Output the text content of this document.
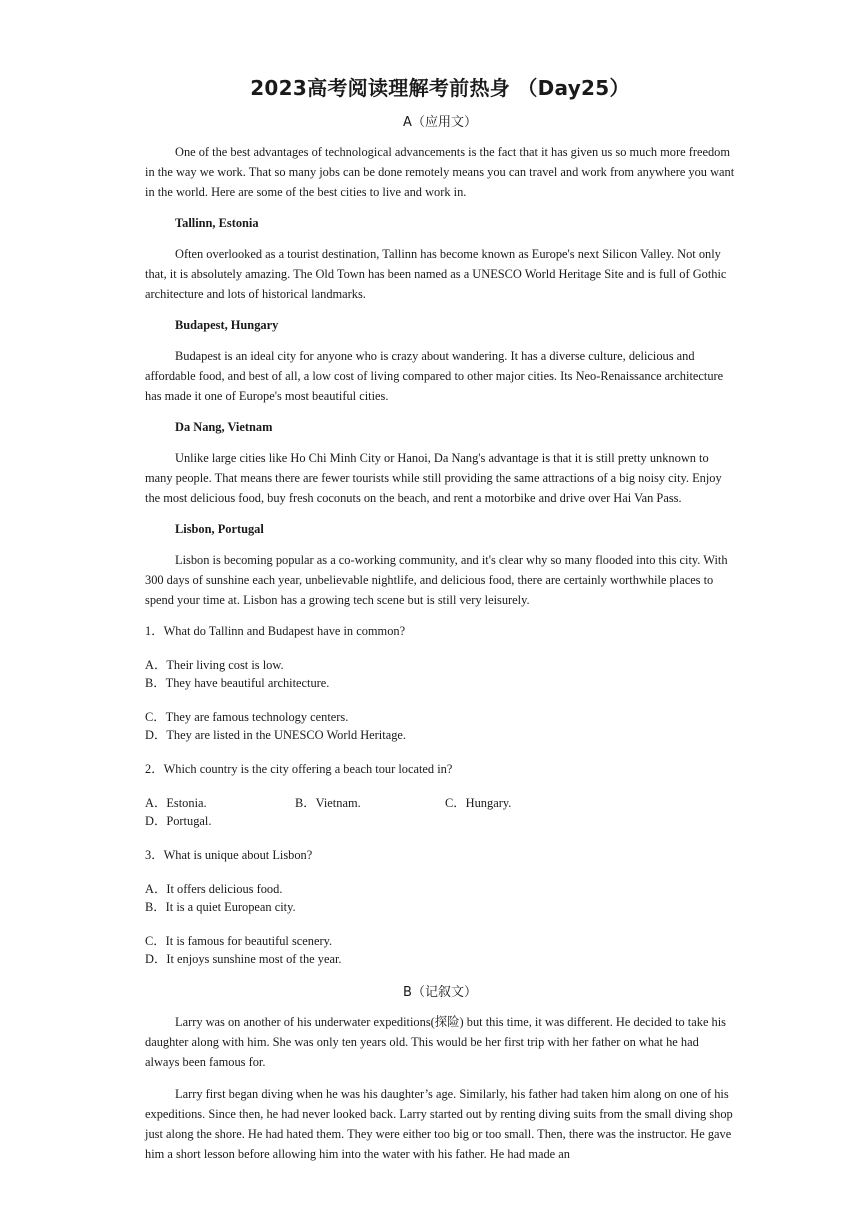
2023高考阅读理解考前热身 （Day25）
A（应用文）

One of the best advantages of technological advancements is the fact that it has given us so much more freedom in the way we work. That so many jobs can be done remotely means you can travel and work from anywhere you want in the world. Here are some of the best cities to live and work in.

Tallinn, Estonia

Often overlooked as a tourist destination, Tallinn has become known as Europe's next Silicon Valley. Not only that, it is absolutely amazing. The Old Town has been named as a UNESCO World Heritage Site and is full of Gothic architecture and lots of historical landmarks.

Budapest, Hungary

Budapest is an ideal city for anyone who is crazy about wandering. It has a diverse culture, delicious and affordable food, and best of all, a low cost of living compared to other major cities. Its Neo-Renaissance architecture has made it one of Europe's most beautiful cities.

Da Nang, Vietnam

Unlike large cities like Ho Chi Minh City or Hanoi, Da Nang's advantage is that it is still pretty unknown to many people. That means there are fewer tourists while still providing the same attractions of a big noisy city. Enjoy the most delicious food, buy fresh coconuts on the beach, and rent a motorbike and drive over Hai Van Pass.

Lisbon, Portugal

Lisbon is becoming popular as a co-working community, and it's clear why so many flooded into this city. With 300 days of sunshine each year, unbelievable nightlife, and delicious food, there are certainly worthwhile places to spend your time at. Lisbon has a growing tech scene but is still very leisurely.

1．What do Tallinn and Budapest have in common?
A．Their living cost is low.
B．They have beautiful architecture.
C．They are famous technology centers.
D．They are listed in the UNESCO World Heritage.
2．Which country is the city offering a beach tour located in?
A．Estonia.	B．Vietnam.	C．Hungary.
D．Portugal.
3．What is unique about Lisbon?
A．It offers delicious food.
B．It is a quiet European city.
C．It is famous for beautiful scenery.
D．It enjoys sunshine most of the year.
B（记叙文）

Larry was on another of his underwater expeditions(探险) but this time, it was different. He decided to take his daughter along with him. She was only ten years old. This would be her first trip with her father on what he had always been famous for.

Larry first began diving when he was his daughter’s age. Similarly, his father had taken him along on one of his expeditions. Since then, he had never looked back. Larry started out by renting diving suits from the small diving shop just along the shore. He had hated them. They were either too big or too small. Then, there was the instructor. He gave him a short lesson before allowing him into the water with his father. He had made an
